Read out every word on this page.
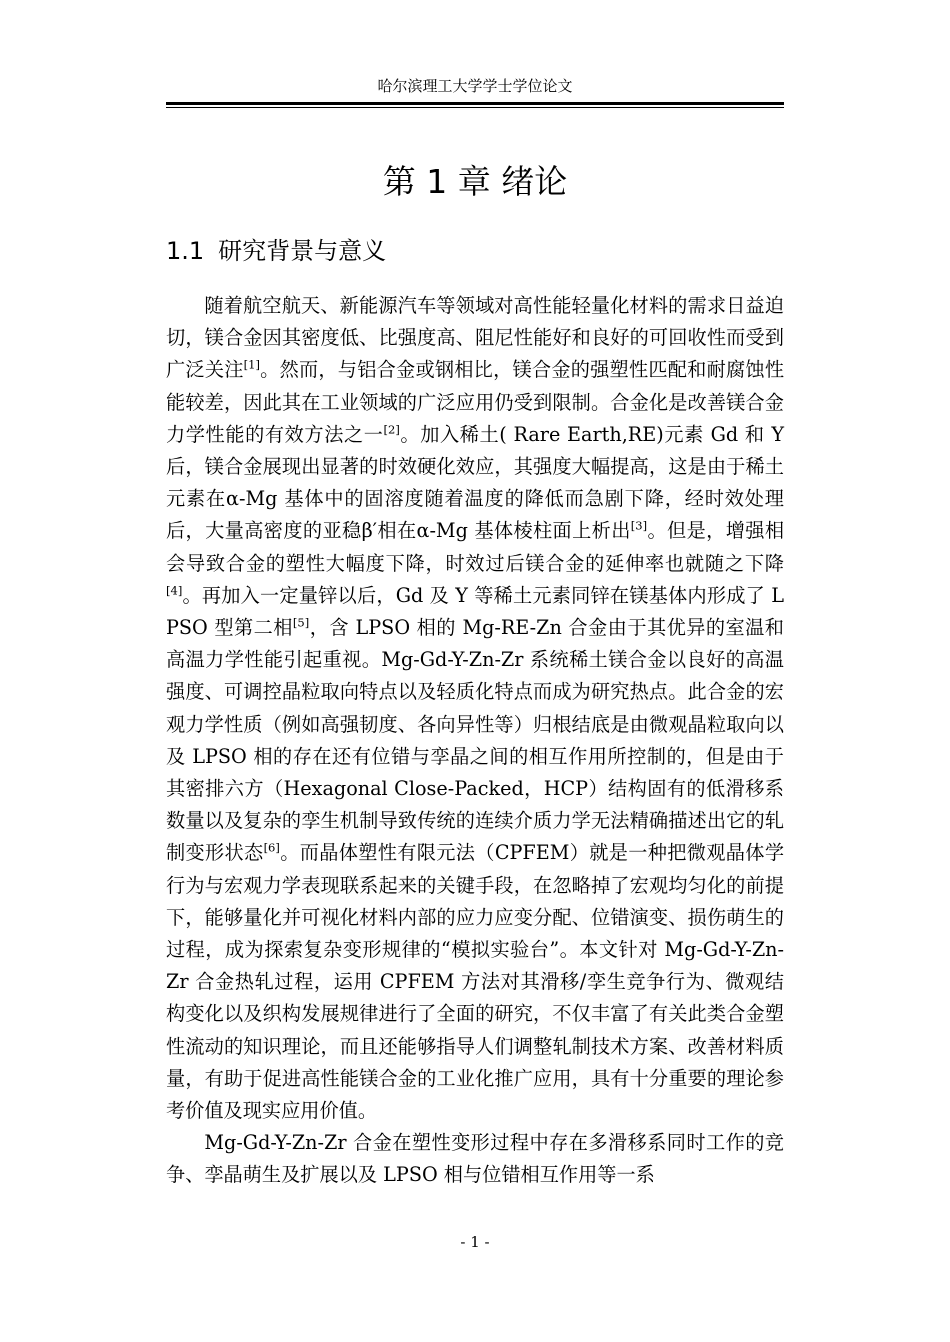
哈尔滨理工大学学士学位论文
第 1 章 绪论
1.1 研究背景与意义

随着航空航天、新能源汽车等领域对高性能轻量化材料的需求日益迫切，镁合金因其密度低、比强度高、阻尼性能好和良好的可回收性而受到广泛关注[1]。然而，与铝合金或钢相比，镁合金的强塑性匹配和耐腐蚀性能较差，因此其在工业领域的广泛应用仍受到限制。合金化是改善镁合金力学性能的有效方法之一[2]。加入稀土( Rare Earth,RE)元素 Gd 和 Y 后，镁合金展现出显著的时效硬化效应，其强度大幅提高，这是由于稀土元素在α-Mg 基体中的固溶度随着温度的降低而急剧下降，经时效处理后，大量高密度的亚稳β′相在α-Mg 基体棱柱面上析出[3]。但是，增强相会导致合金的塑性大幅度下降，时效过后镁合金的延伸率也就随之下降[4]。再加入一定量锌以后，Gd 及 Y 等稀土元素同锌在镁基体内形成了 LPSO 型第二相[5]，含 LPSO 相的 Mg-RE-Zn 合金由于其优异的室温和高温力学性能引起重视。Mg-Gd-Y-Zn-Zr 系统稀土镁合金以良好的高温强度、可调控晶粒取向特点以及轻质化特点而成为研究热点。此合金的宏观力学性质（例如高强韧度、各向异性等）归根结底是由微观晶粒取向以及 LPSO 相的存在还有位错与孪晶之间的相互作用所控制的，但是由于其密排六方（Hexagonal Close-Packed，HCP）结构固有的低滑移系数量以及复杂的孪生机制导致传统的连续介质力学无法精确描述出它的轧制变形状态[6]。而晶体塑性有限元法（CPFEM）就是一种把微观晶体学行为与宏观力学表现联系起来的关键手段，在忽略掉了宏观均匀化的前提下，能够量化并可视化材料内部的应力应变分配、位错演变、损伤萌生的过程，成为探索复杂变形规律的“模拟实验台”。本文针对 Mg-Gd-Y-Zn-Zr 合金热轧过程，运用 CPFEM 方法对其滑移/孪生竞争行为、微观结构变化以及织构发展规律进行了全面的研究，不仅丰富了有关此类合金塑性流动的知识理论，而且还能够指导人们调整轧制技术方案、改善材料质量，有助于促进高性能镁合金的工业化推广应用，具有十分重要的理论参考价值及现实应用价值。

Mg-Gd-Y-Zn-Zr 合金在塑性变形过程中存在多滑移系同时工作的竞争、孪晶萌生及扩展以及 LPSO 相与位错相互作用等一系

- 1 -
